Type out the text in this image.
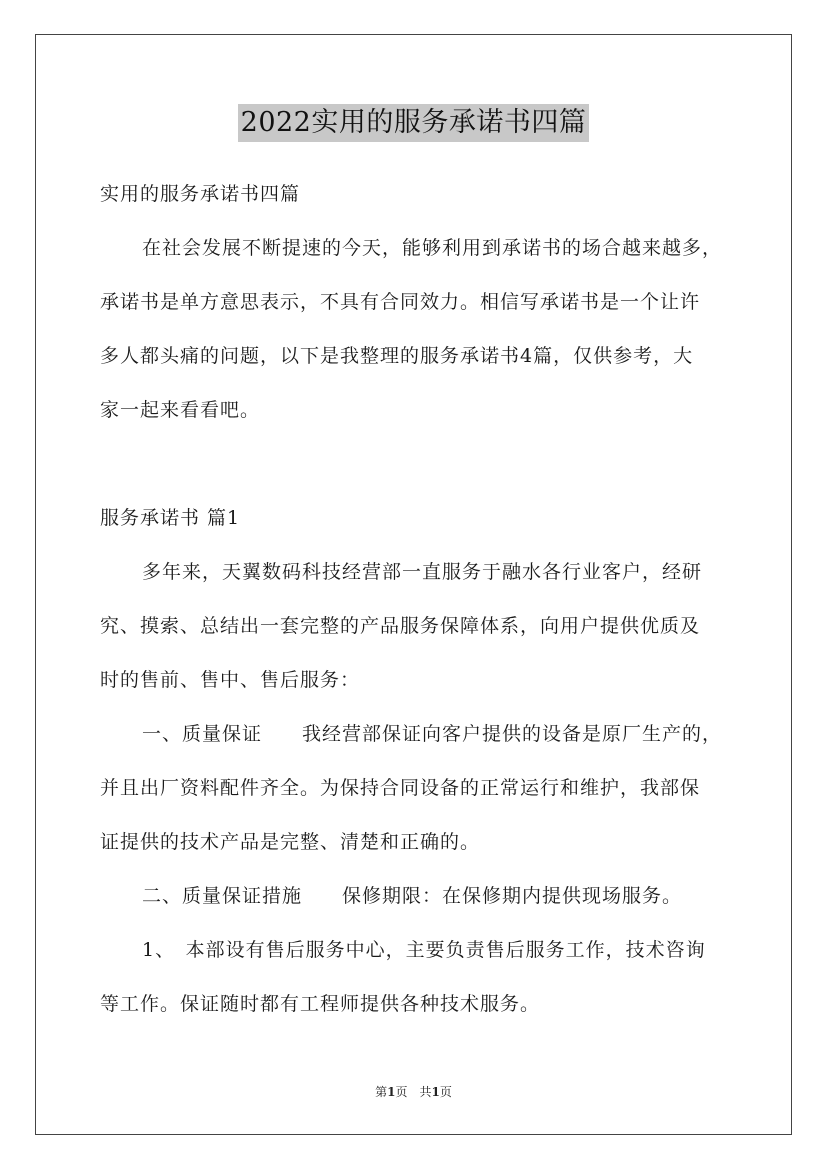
2022实用的服务承诺书四篇
实用的服务承诺书四篇
在社会发展不断提速的今天，能够利用到承诺书的场合越来越多，
承诺书是单方意思表示，不具有合同效力。相信写承诺书是一个让许
多人都头痛的问题，以下是我整理的服务承诺书4篇，仅供参考，大
家一起来看看吧。
服务承诺书 篇1
多年来，天翼数码科技经营部一直服务于融水各行业客户，经研
究、摸索、总结出一套完整的产品服务保障体系，向用户提供优质及
时的售前、售中、售后服务：
一、质量保证　　我经营部保证向客户提供的设备是原厂生产的，
并且出厂资料配件齐全。为保持合同设备的正常运行和维护，我部保
证提供的技术产品是完整、清楚和正确的。
二、质量保证措施　　保修期限：在保修期内提供现场服务。
1、　本部设有售后服务中心，主要负责售后服务工作，技术咨询
等工作。保证随时都有工程师提供各种技术服务。
第1页　共1页
